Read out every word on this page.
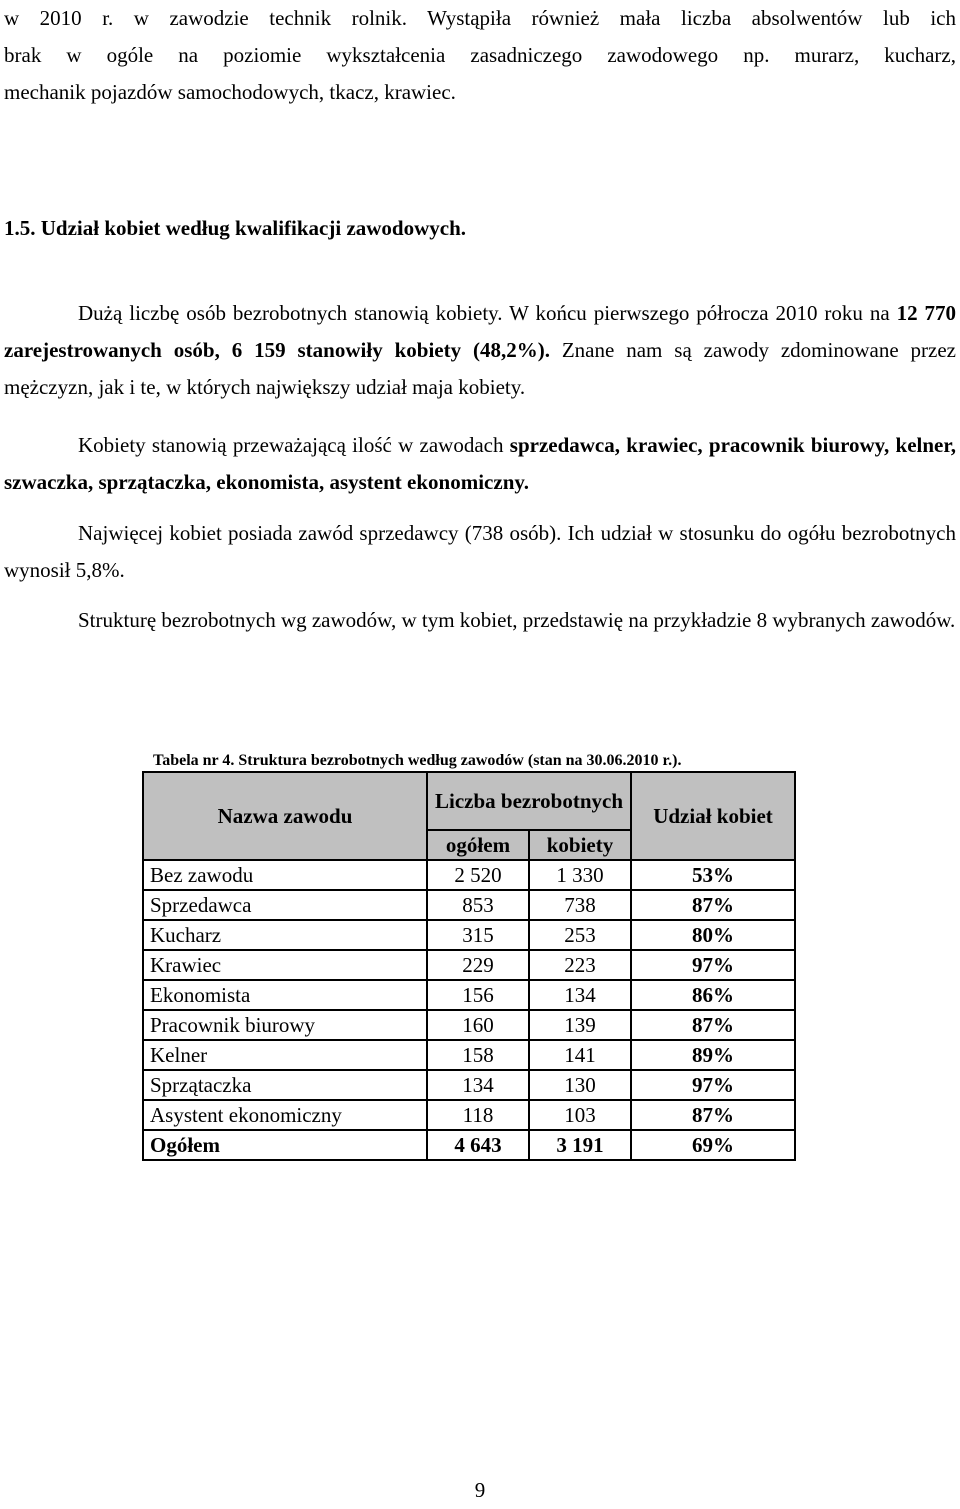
w 2010 r. w zawodzie technik rolnik. Wystąpiła również mała liczba absolwentów lub ich
brak w ogóle na poziomie wykształcenia zasadniczego zawodowego np. murarz, kucharz,
mechanik pojazdów samochodowych, tkacz, krawiec.
1.5. Udział kobiet według kwalifikacji zawodowych.

Dużą liczbę osób bezrobotnych stanowią kobiety. W końcu pierwszego półrocza 2010 roku na 12 770 zarejestrowanych osób, 6 159 stanowiły kobiety (48,2%). Znane nam są zawody zdominowane przez mężczyzn, jak i te, w których największy udział maja kobiety.

Kobiety stanowią przeważającą ilość w zawodach sprzedawca, krawiec, pracownik biurowy, kelner, szwaczka, sprzątaczka, ekonomista, asystent ekonomiczny.

Najwięcej kobiet posiada zawód sprzedawcy (738 osób). Ich udział w stosunku do ogółu bezrobotnych wynosił 5,8%.

Strukturę bezrobotnych wg zawodów, w tym kobiet, przedstawię na przykładzie 8 wybranych zawodów.

Tabela nr 4. Struktura bezrobotnych według zawodów (stan na 30.06.2010 r.).

Nazwa zawodu	Liczba bezrobotnych		Udział kobiet
	ogółem	kobiety	
Bez zawodu	2 520	1 330	53%
Sprzedawca	853	738	87%
Kucharz	315	253	80%
Krawiec	229	223	97%
Ekonomista	156	134	86%
Pracownik biurowy	160	139	87%
Kelner	158	141	89%
Sprzątaczka	134	130	97%
Asystent ekonomiczny	118	103	87%
Ogółem	4 643	3 191	69%

9
